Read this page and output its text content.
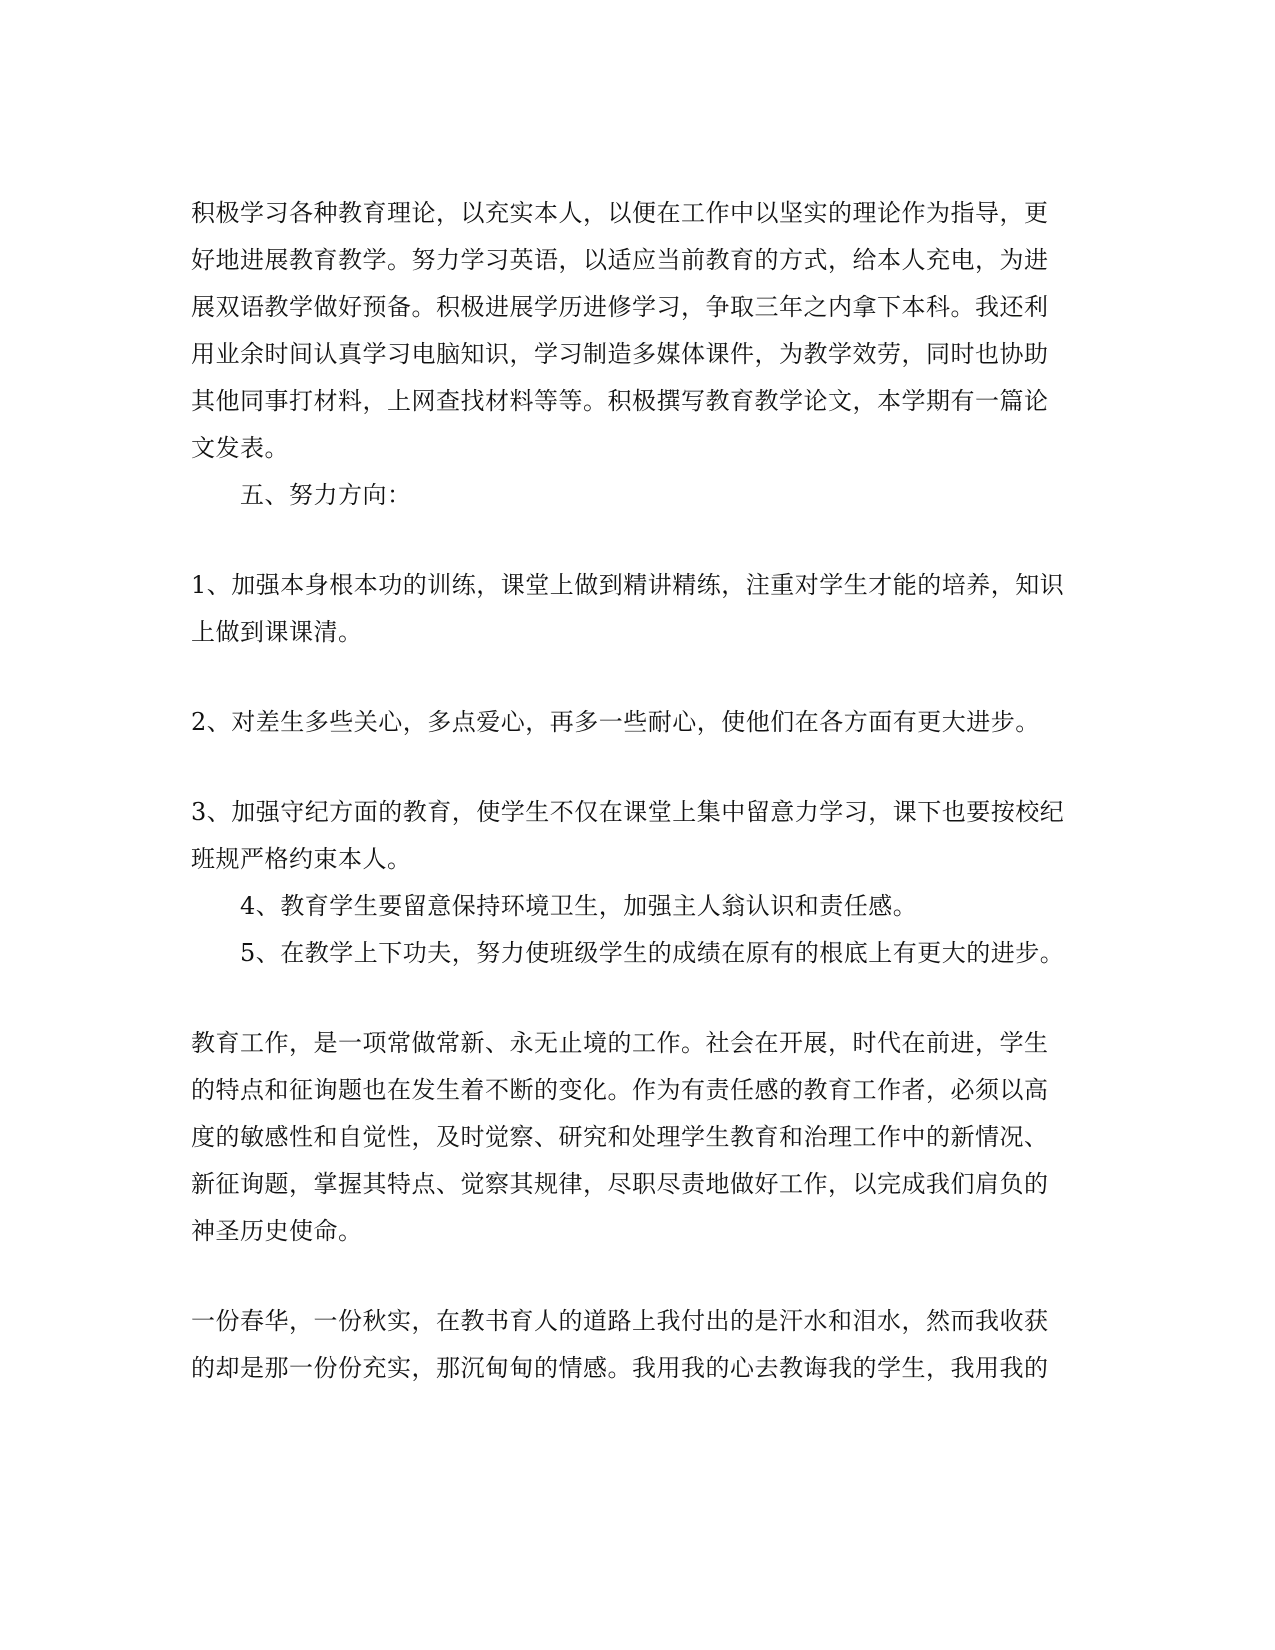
积极学习各种教育理论，以充实本人，以便在工作中以坚实的理论作为指导，更
好地进展教育教学。努力学习英语，以适应当前教育的方式，给本人充电，为进
展双语教学做好预备。积极进展学历进修学习，争取三年之内拿下本科。我还利
用业余时间认真学习电脑知识，学习制造多媒体课件，为教学效劳，同时也协助
其他同事打材料，上网查找材料等等。积极撰写教育教学论文，本学期有一篇论
文发表。
五、努力方向：
1、加强本身根本功的训练，课堂上做到精讲精练，注重对学生才能的培养，知识
上做到课课清。
2、对差生多些关心，多点爱心，再多一些耐心，使他们在各方面有更大进步。
3、加强守纪方面的教育，使学生不仅在课堂上集中留意力学习，课下也要按校纪
班规严格约束本人。
4、教育学生要留意保持环境卫生，加强主人翁认识和责任感。
5、在教学上下功夫，努力使班级学生的成绩在原有的根底上有更大的进步。
教育工作，是一项常做常新、永无止境的工作。社会在开展，时代在前进，学生
的特点和征询题也在发生着不断的变化。作为有责任感的教育工作者，必须以高
度的敏感性和自觉性，及时觉察、研究和处理学生教育和治理工作中的新情况、
新征询题，掌握其特点、觉察其规律，尽职尽责地做好工作，以完成我们肩负的
神圣历史使命。
一份春华，一份秋实，在教书育人的道路上我付出的是汗水和泪水，然而我收获
的却是那一份份充实，那沉甸甸的情感。我用我的心去教诲我的学生，我用我的
